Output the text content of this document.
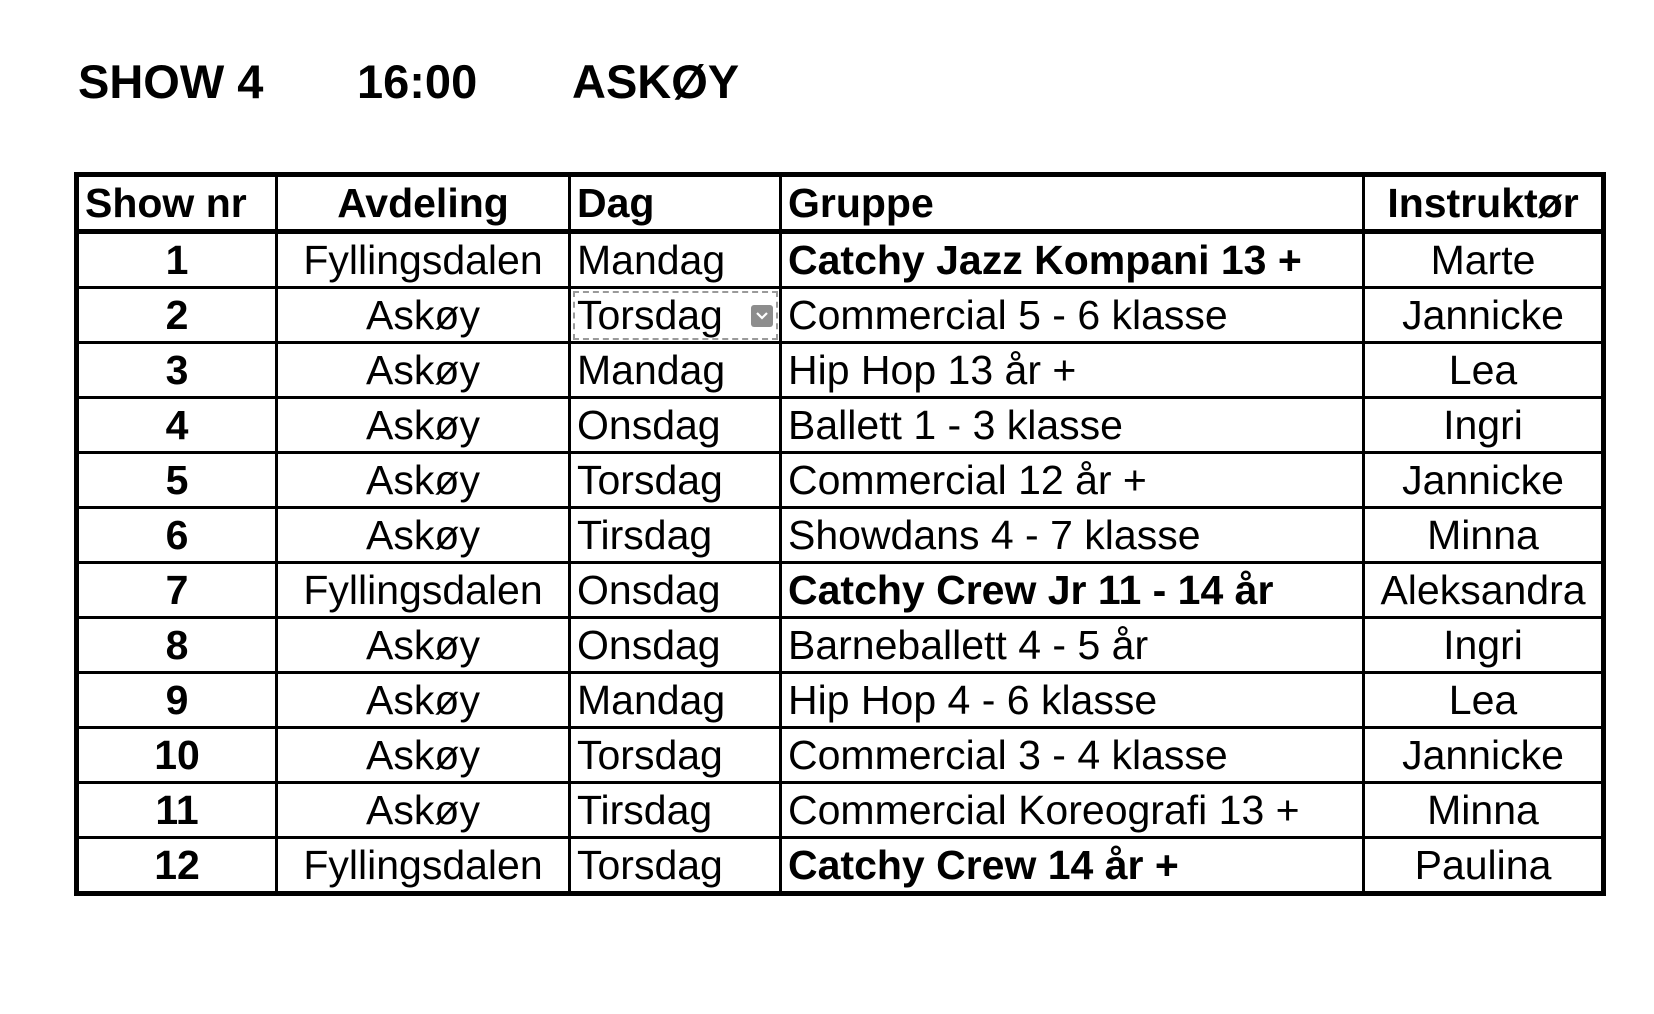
SHOW 4 16:00 ASKØY
Show nr	Avdeling	Dag	Gruppe	Instruktør
1	Fyllingsdalen	Mandag	Catchy Jazz Kompani 13 +	Marte
2	Askøy	Torsdag	Commercial 5 - 6 klasse	Jannicke
3	Askøy	Mandag	Hip Hop 13 år +	Lea
4	Askøy	Onsdag	Ballett 1 - 3 klasse	Ingri
5	Askøy	Torsdag	Commercial 12 år +	Jannicke
6	Askøy	Tirsdag	Showdans 4 - 7 klasse	Minna
7	Fyllingsdalen	Onsdag	Catchy Crew Jr 11 - 14 år	Aleksandra
8	Askøy	Onsdag	Barneballett 4 - 5 år	Ingri
9	Askøy	Mandag	Hip Hop 4 - 6 klasse	Lea
10	Askøy	Torsdag	Commercial 3 - 4 klasse	Jannicke
11	Askøy	Tirsdag	Commercial Koreografi 13 +	Minna
12	Fyllingsdalen	Torsdag	Catchy Crew 14 år +	Paulina
